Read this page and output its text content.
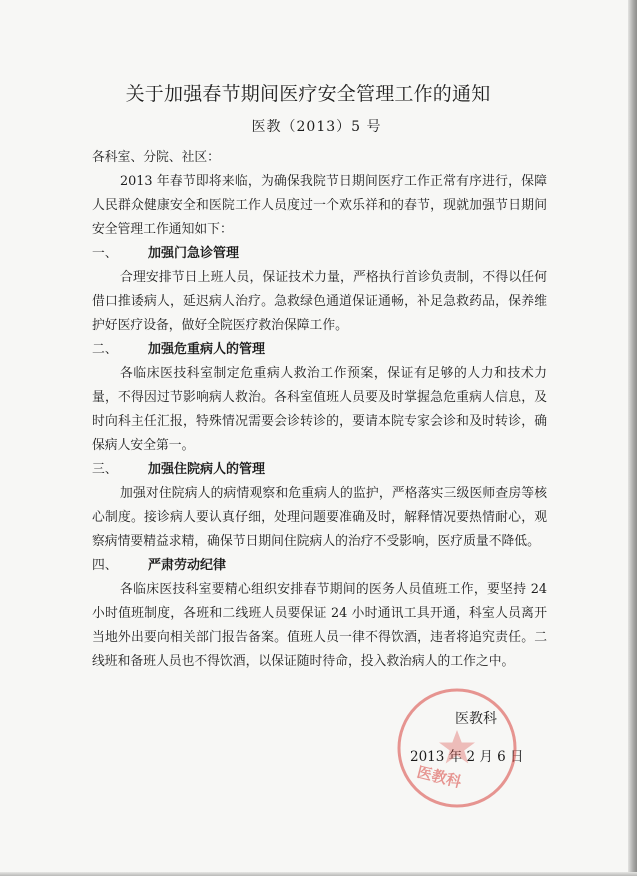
关于加强春节期间医疗安全管理工作的通知
医教（2013）5 号
各科室、分院、社区：
2013 年春节即将来临，为确保我院节日期间医疗工作正常有序进行，保障
人民群众健康安全和医院工作人员度过一个欢乐祥和的春节，现就加强节日期间
安全管理工作通知如下：
一、	加强门急诊管理
合理安排节日上班人员，保证技术力量，严格执行首诊负责制，不得以任何
借口推诿病人，延迟病人治疗。急救绿色通道保证通畅，补足急救药品，保养维
护好医疗设备，做好全院医疗救治保障工作。
二、	加强危重病人的管理
各临床医技科室制定危重病人救治工作预案，保证有足够的人力和技术力
量，不得因过节影响病人救治。各科室值班人员要及时掌握急危重病人信息，及
时向科主任汇报，特殊情况需要会诊转诊的，要请本院专家会诊和及时转诊，确
保病人安全第一。
三、	加强住院病人的管理
加强对住院病人的病情观察和危重病人的监护，严格落实三级医师查房等核
心制度。接诊病人要认真仔细，处理问题要准确及时，解释情况要热情耐心，观
察病情要精益求精，确保节日期间住院病人的治疗不受影响，医疗质量不降低。
四、	严肃劳动纪律
各临床医技科室要精心组织安排春节期间的医务人员值班工作，要坚持 24
小时值班制度，各班和二线班人员要保证 24 小时通讯工具开通，科室人员离开
当地外出要向相关部门报告备案。值班人员一律不得饮酒，违者将追究责任。二
线班和备班人员也不得饮酒，以保证随时待命，投入救治病人的工作之中。
医教科
2013 年 2 月 6 日
医教科
